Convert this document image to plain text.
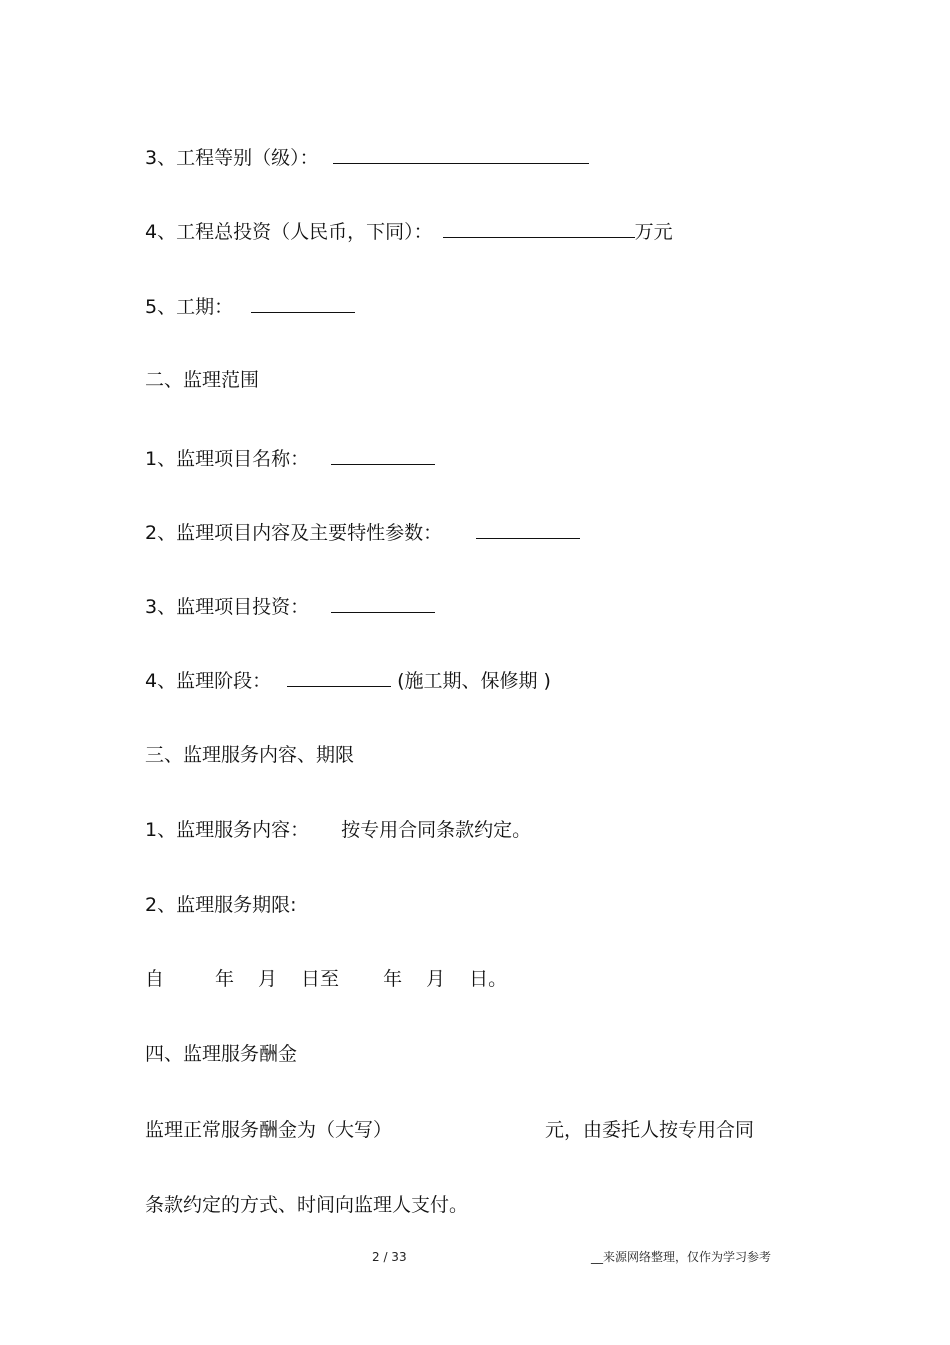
3、工程等别（级）：
4、工程总投资（人民币，下同）：	万元
5、工期：
二、监理范围
1、监理项目名称：
2、监理项目内容及主要特性参数：
3、监理项目投资：
4、监理阶段：	(施工期、保修期 )
三、监理服务内容、期限
1、监理服务内容： 按专用合同条款约定。
2、监理服务期限:
自	年 月 日至 年 月 日。
四、监理服务酬金
监理正常服务酬金为（大写）	元，由委托人按专用合同
条款约定的方式、时间向监理人支付。
2 / 33	__来源网络整理，仅作为学习参考
